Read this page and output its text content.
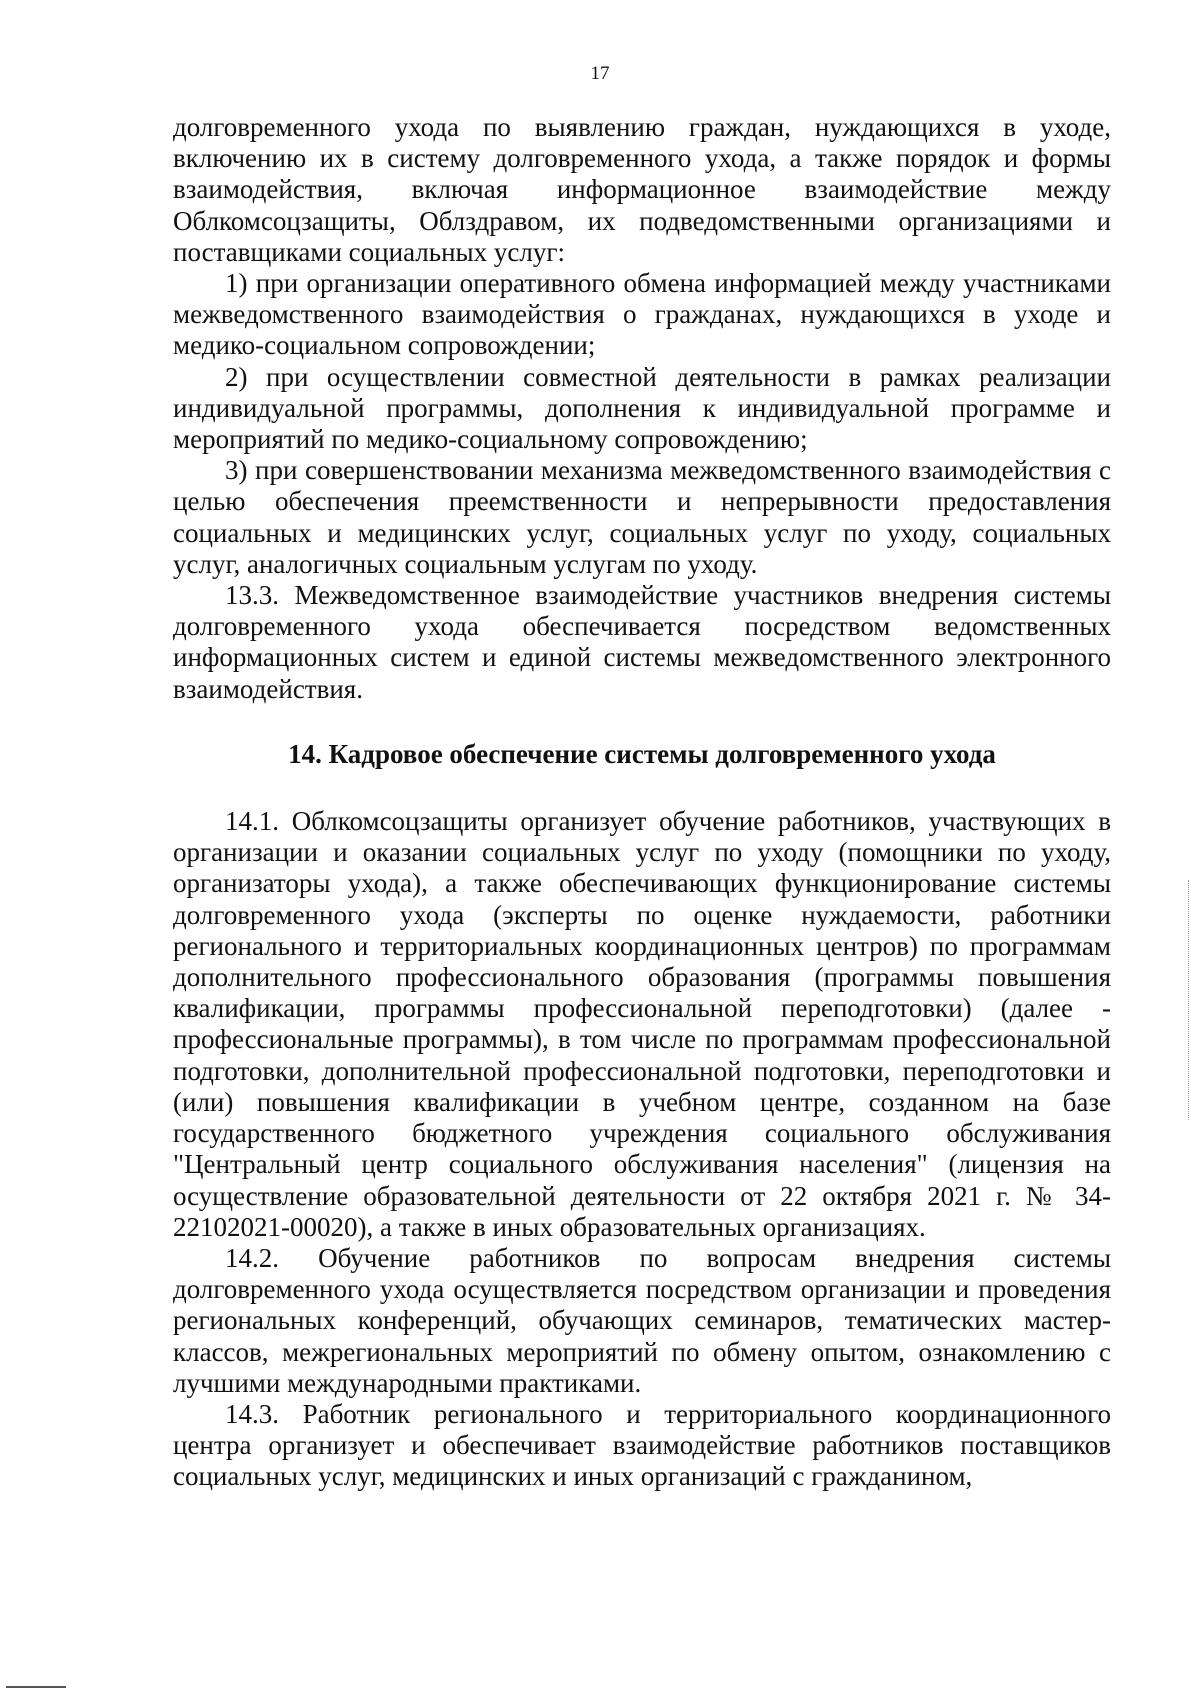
17

долговременного ухода по выявлению граждан, нуждающихся в уходе, включению их в систему долговременного ухода, а также порядок и формы взаимодействия, включая информационное взаимодействие между Облкомсоцзащиты, Облздравом, их подведомственными организациями и поставщиками социальных услуг:

1) при организации оперативного обмена информацией между участниками межведомственного взаимодействия о гражданах, нуждающихся в уходе и медико-социальном сопровождении;

2) при осуществлении совместной деятельности в рамках реализации индивидуальной программы, дополнения к индивидуальной программе и мероприятий по медико-социальному сопровождению;

3) при совершенствовании механизма межведомственного взаимодействия с целью обеспечения преемственности и непрерывности предоставления социальных и медицинских услуг, социальных услуг по уходу, социальных услуг, аналогичных социальным услугам по уходу.

13.3. Межведомственное взаимодействие участников внедрения системы долговременного ухода обеспечивается посредством ведомственных информационных систем и единой системы межведомственного электронного взаимодействия.

14. Кадровое обеспечение системы долговременного ухода

14.1. Облкомсоцзащиты организует обучение работников, участвующих в организации и оказании социальных услуг по уходу (помощники по уходу, организаторы ухода), а также обеспечивающих функционирование системы долговременного ухода (эксперты по оценке нуждаемости, работники регионального и территориальных координационных центров) по программам дополнительного профессионального образования (программы повышения квалификации, программы профессиональной переподготовки) (далее - профессиональные программы), в том числе по программам профессиональной подготовки, дополнительной профессиональной подготовки, переподготовки и (или) повышения квалификации в учебном центре, созданном на базе государственного бюджетного учреждения социального обслуживания "Центральный центр социального обслуживания населения" (лицензия на осуществление образовательной деятельности от 22 октября 2021 г. № 34-22102021-00020), а также в иных образовательных организациях.

14.2. Обучение работников по вопросам внедрения системы долговременного ухода осуществляется посредством организации и проведения региональных конференций, обучающих семинаров, тематических мастер-классов, межрегиональных мероприятий по обмену опытом, ознакомлению с лучшими международными практиками.

14.3. Работник регионального и территориального координационного центра организует и обеспечивает взаимодействие работников поставщиков социальных услуг, медицинских и иных организаций с гражданином,
